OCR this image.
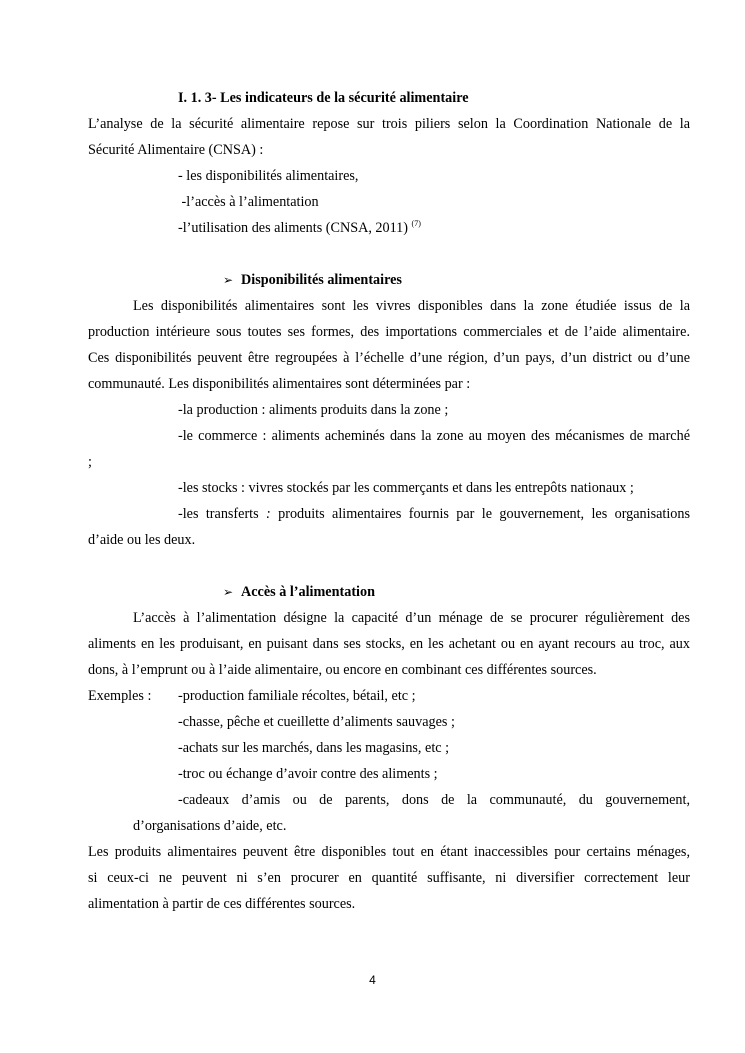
I. 1. 3- Les indicateurs de la sécurité alimentaire
L’analyse de la sécurité alimentaire repose sur trois piliers selon la Coordination Nationale de la
Sécurité Alimentaire (CNSA) :
- les disponibilités alimentaires,
-l’accès à l’alimentation
-l’utilisation des aliments (CNSA, 2011) $^{(7)}$
➢ Disponibilités alimentaires
Les disponibilités alimentaires sont les vivres disponibles dans la zone étudiée issus de la
production intérieure sous toutes ses formes, des importations commerciales et de l’aide alimentaire.
Ces disponibilités peuvent être regroupées à l’échelle d’une région, d’un pays, d’un district ou d’une
communauté. Les disponibilités alimentaires sont déterminées par :
-la production : aliments produits dans la zone ;
-le commerce : aliments acheminés dans la zone au moyen des mécanismes de marché
;
-les stocks : vivres stockés par les commerçants et dans les entrepôts nationaux ;
-les transferts : produits alimentaires fournis par le gouvernement, les organisations
d’aide ou les deux.
➢ Accès à l’alimentation
L’accès à l’alimentation désigne la capacité d’un ménage de se procurer régulièrement des
aliments en les produisant, en puisant dans ses stocks, en les achetant ou en ayant recours au troc, aux
dons, à l’emprunt ou à l’aide alimentaire, ou encore en combinant ces différentes sources.
Exemples : -production familiale récoltes, bétail, etc ;
-chasse, pêche et cueillette d’aliments sauvages ;
-achats sur les marchés, dans les magasins, etc ;
-troc ou échange d’avoir contre des aliments ;
-cadeaux d’amis ou de parents, dons de la communauté, du gouvernement,
d’organisations d’aide, etc.
Les produits alimentaires peuvent être disponibles tout en étant inaccessibles pour certains ménages,
si ceux-ci ne peuvent ni s’en procurer en quantité suffisante, ni diversifier correctement leur
alimentation à partir de ces différentes sources.
4
